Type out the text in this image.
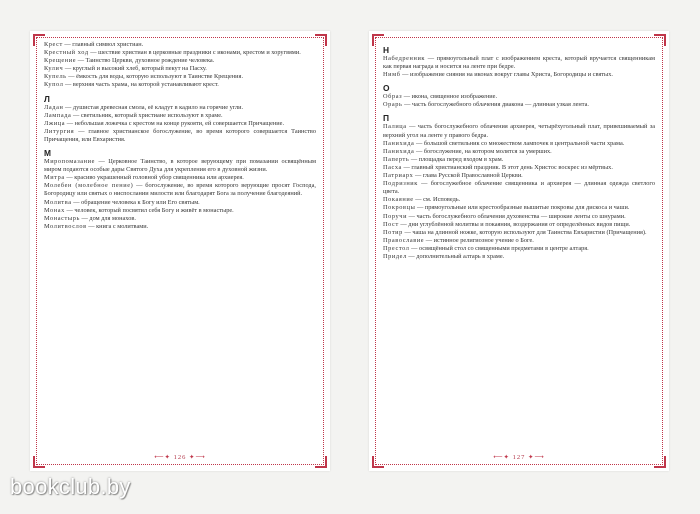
Крест — главный символ христиан.

Крестный ход — шествие христиан в церковные праздники с иконами, крестом и хоругвями.

Крещение — Таинство Церкви, духовное рождение человека.

Кулич — круглый и высокий хлеб, который пекут на Пасху.

Купель — ёмкость для воды, которую используют в Таинстве Крещения.

Купол — верхняя часть храма, на которой устанавливают крест.

Л

Ладан — душистая древесная смола, её кладут в кадило на горячие угли.

Лампада — светильник, который христиане используют в храме.

Лжица — небольшая ложечка с крестом на конце рукояти, ей совершается Причащение.

Литургия — главное христианское богослужение, во время которого совершается Таинство Причащения, или Евхаристия.

М

Миропомазание — Церковное Таинство, в которое верующему при помазании освящённым миром подаются особые дары Святого Духа для укрепления его в духовной жизни.

Митра — красиво украшенный головной убор священника или архиерея.

Молебен (молебное пение) — богослужение, во время которого верующие просят Господа, Богородицу или святых о ниспослании милости или благодарят Бога за получение благодеяний.

Молитва — обращение человека к Богу или Его святым.

Монах — человек, который посвятил себя Богу и живёт в монастыре.

Монастырь — дом для монахов.

Молитвослов — книга с молитвами.

⟵✦ 126 ✦⟶
Н

Набедренник — прямоугольный плат с изображением креста, который вручается священникам как первая награда и носится на ленте при бедре.

Нимб — изображение сияния на иконах вокруг главы Христа, Богородицы и святых.

О

Образ — икона, священное изображение.

Орарь — часть богослужебного облачения диакона — длинная узкая лента.

П

Палица — часть богослужебного облачения архиерея, четырёхугольный плат, привешиваемый за верхний угол на ленте у правого бедра.

Панихида — большой светильник со множеством лампочек в центральной части храма.

Панихида — богослужение, на котором молятся за умерших.

Паперть — площадка перед входом в храм.

Пасха — главный христианский праздник. В этот день Христос воскрес из мёртвых.

Патриарх — глава Русской Православной Церкви.

Подризник — богослужебное облачение священника и архиерея — длинная одежда светлого цвета.

Покаяние — см. Исповедь.

Покровцы — прямоугольные или крестообразные вышитые покровы для дискоса и чаши.

Поручи — часть богослужебного облачения духовенства — широкие ленты со шнурами.

Пост — дни углублённой молитвы и покаяния, воздержания от определённых видов пищи.

Потир — чаша на длинной ножке, которую используют для Таинства Евхаристии (Причащения).

Православие — истинное религиозное учение о Боге.

Престол — освящённый стол со священными предметами в центре алтаря.

Придел — дополнительный алтарь в храме.

⟵✦ 127 ✦⟶
bookclub.by
